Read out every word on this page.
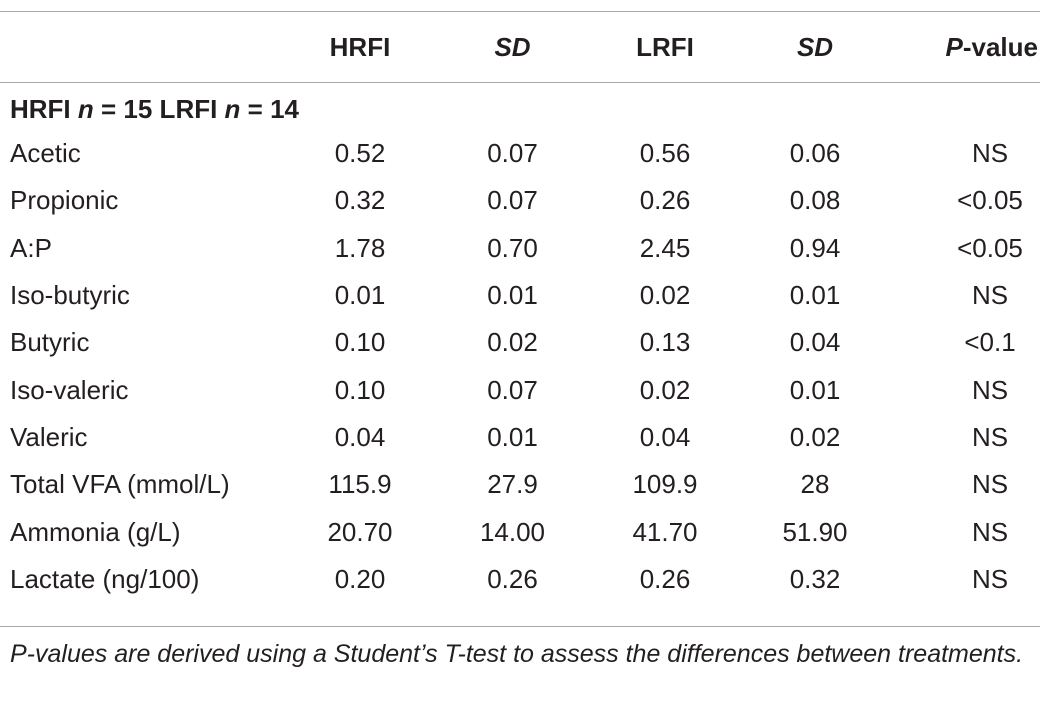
	HRFI	SD	LRFI	SD	P-value
HRFI n = 15 LRFI n = 14					
Acetic	0.52	0.07	0.56	0.06	NS
Propionic	0.32	0.07	0.26	0.08	<0.05
A:P	1.78	0.70	2.45	0.94	<0.05
Iso-butyric	0.01	0.01	0.02	0.01	NS
Butyric	0.10	0.02	0.13	0.04	<0.1
Iso-valeric	0.10	0.07	0.02	0.01	NS
Valeric	0.04	0.01	0.04	0.02	NS
Total VFA (mmol/L)	115.9	27.9	109.9	28	NS
Ammonia (g/L)	20.70	14.00	41.70	51.90	NS
Lactate (ng/100)	0.20	0.26	0.26	0.32	NS

P-values are derived using a Student’s T-test to assess the differences between treatments.
